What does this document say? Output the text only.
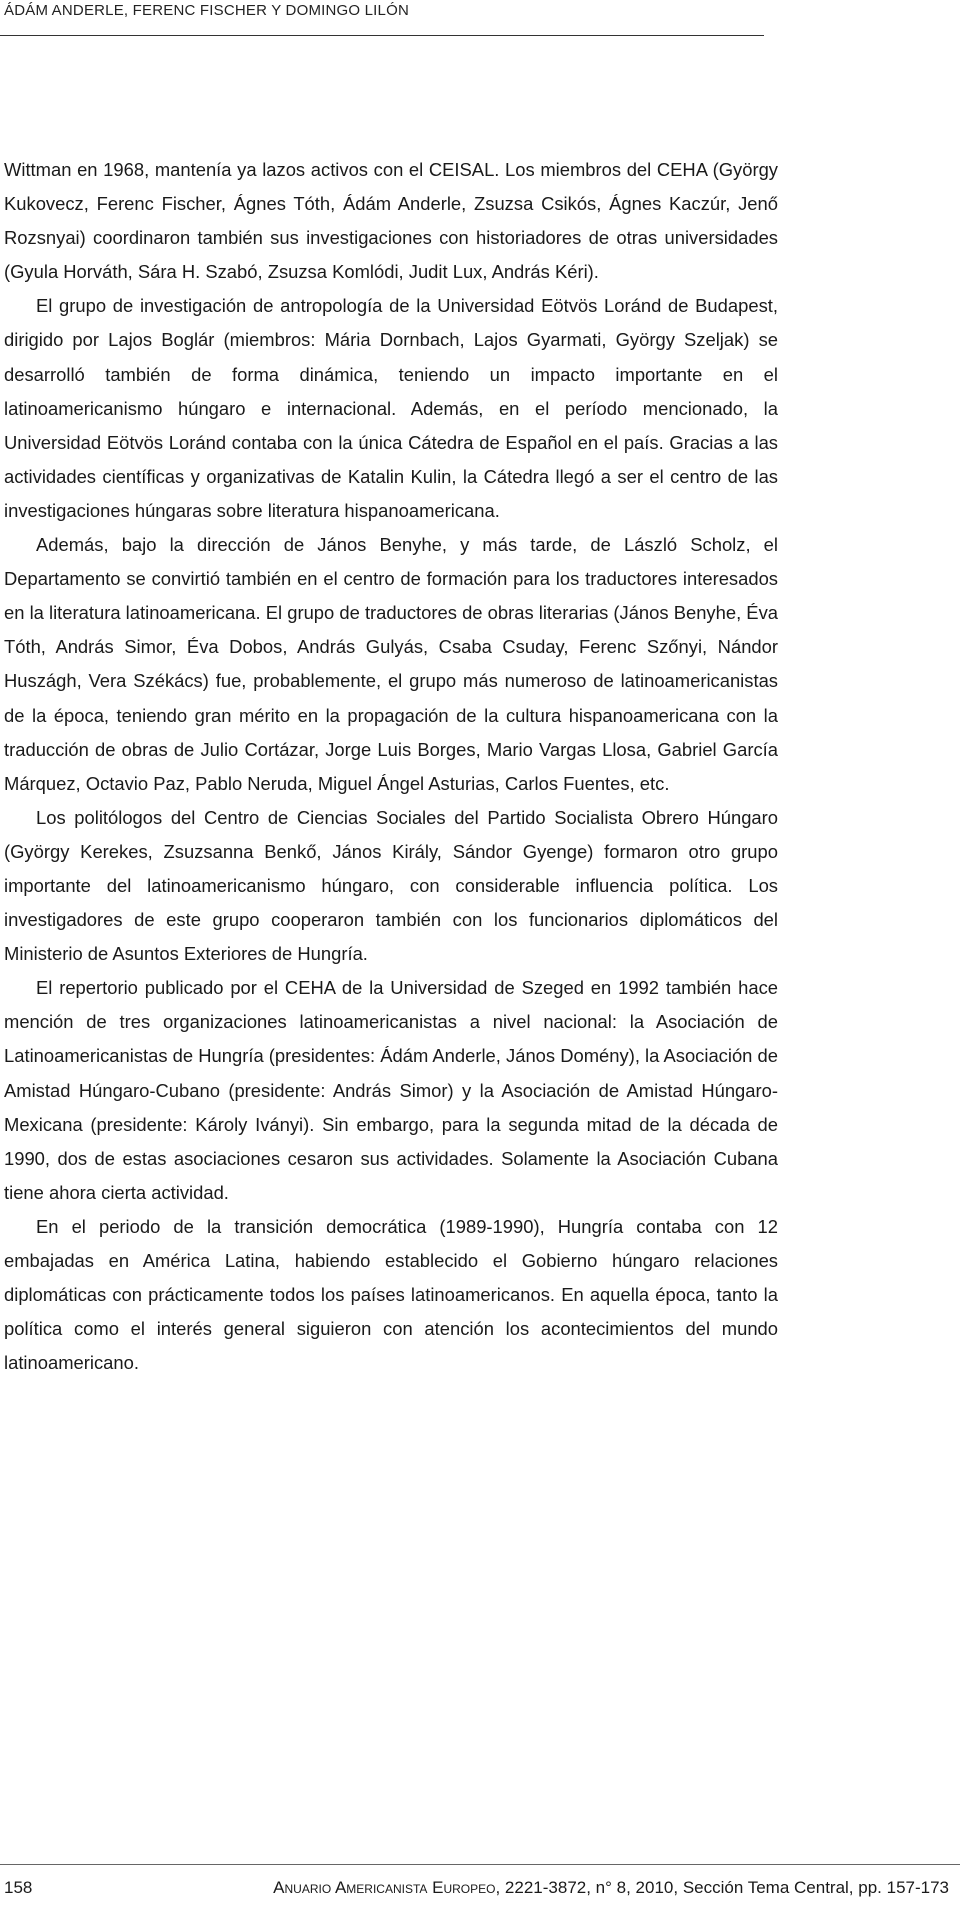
ÁDÁM ANDERLE, FERENC FISCHER Y DOMINGO LILÓN

Wittman en 1968, mantenía ya lazos activos con el CEISAL. Los miembros del CEHA (György Kukovecz, Ferenc Fischer, Ágnes Tóth, Ádám Anderle, Zsuzsa Csikós, Ágnes Kaczúr, Jenő Rozsnyai) coordinaron también sus investigaciones con historiadores de otras universidades (Gyula Horváth, Sára H. Szabó, Zsuzsa Komlódi, Judit Lux, András Kéri).

El grupo de investigación de antropología de la Universidad Eötvös Loránd de Budapest, dirigido por Lajos Boglár (miembros: Mária Dornbach, Lajos Gyarmati, György Szeljak) se desarrolló también de forma dinámica, teniendo un impacto importante en el latinoamericanismo húngaro e internacional. Además, en el período mencionado, la Universidad Eötvös Loránd contaba con la única Cátedra de Español en el país. Gracias a las actividades científicas y organizativas de Katalin Kulin, la Cátedra llegó a ser el centro de las investigaciones húngaras sobre literatura hispanoamericana.

Además, bajo la dirección de János Benyhe, y más tarde, de László Scholz, el Departamento se convirtió también en el centro de formación para los traductores interesados en la literatura latinoamericana. El grupo de traductores de obras literarias (János Benyhe, Éva Tóth, András Simor, Éva Dobos, András Gulyás, Csaba Csuday, Ferenc Szőnyi, Nándor Huszágh, Vera Székács) fue, probablemente, el grupo más numeroso de latinoamericanistas de la época, teniendo gran mérito en la propagación de la cultura hispanoamericana con la traducción de obras de Julio Cortázar, Jorge Luis Borges, Mario Vargas Llosa, Gabriel García Márquez, Octavio Paz, Pablo Neruda, Miguel Ángel Asturias, Carlos Fuentes, etc.

Los politólogos del Centro de Ciencias Sociales del Partido Socialista Obrero Húngaro (György Kerekes, Zsuzsanna Benkő, János Király, Sándor Gyenge) formaron otro grupo importante del latinoamericanismo húngaro, con considerable influencia política. Los investigadores de este grupo cooperaron también con los funcionarios diplomáticos del Ministerio de Asuntos Exteriores de Hungría.

El repertorio publicado por el CEHA de la Universidad de Szeged en 1992 también hace mención de tres organizaciones latinoamericanistas a nivel nacional: la Asociación de Latinoamericanistas de Hungría (presidentes: Ádám Anderle, János Domény), la Asociación de Amistad Húngaro-Cubano (presidente: András Simor) y la Asociación de Amistad Húngaro-Mexicana (presidente: Károly Iványi). Sin embargo, para la segunda mitad de la década de 1990, dos de estas asociaciones cesaron sus actividades. Solamente la Asociación Cubana tiene ahora cierta actividad.

En el periodo de la transición democrática (1989-1990), Hungría contaba con 12 embajadas en América Latina, habiendo establecido el Gobierno húngaro relaciones diplomáticas con prácticamente todos los países latinoamericanos. En aquella época, tanto la política como el interés general siguieron con atención los acontecimientos del mundo latinoamericano.

158	Anuario Americanista Europeo, 2221-3872, n° 8, 2010, Sección Tema Central, pp. 157-173
